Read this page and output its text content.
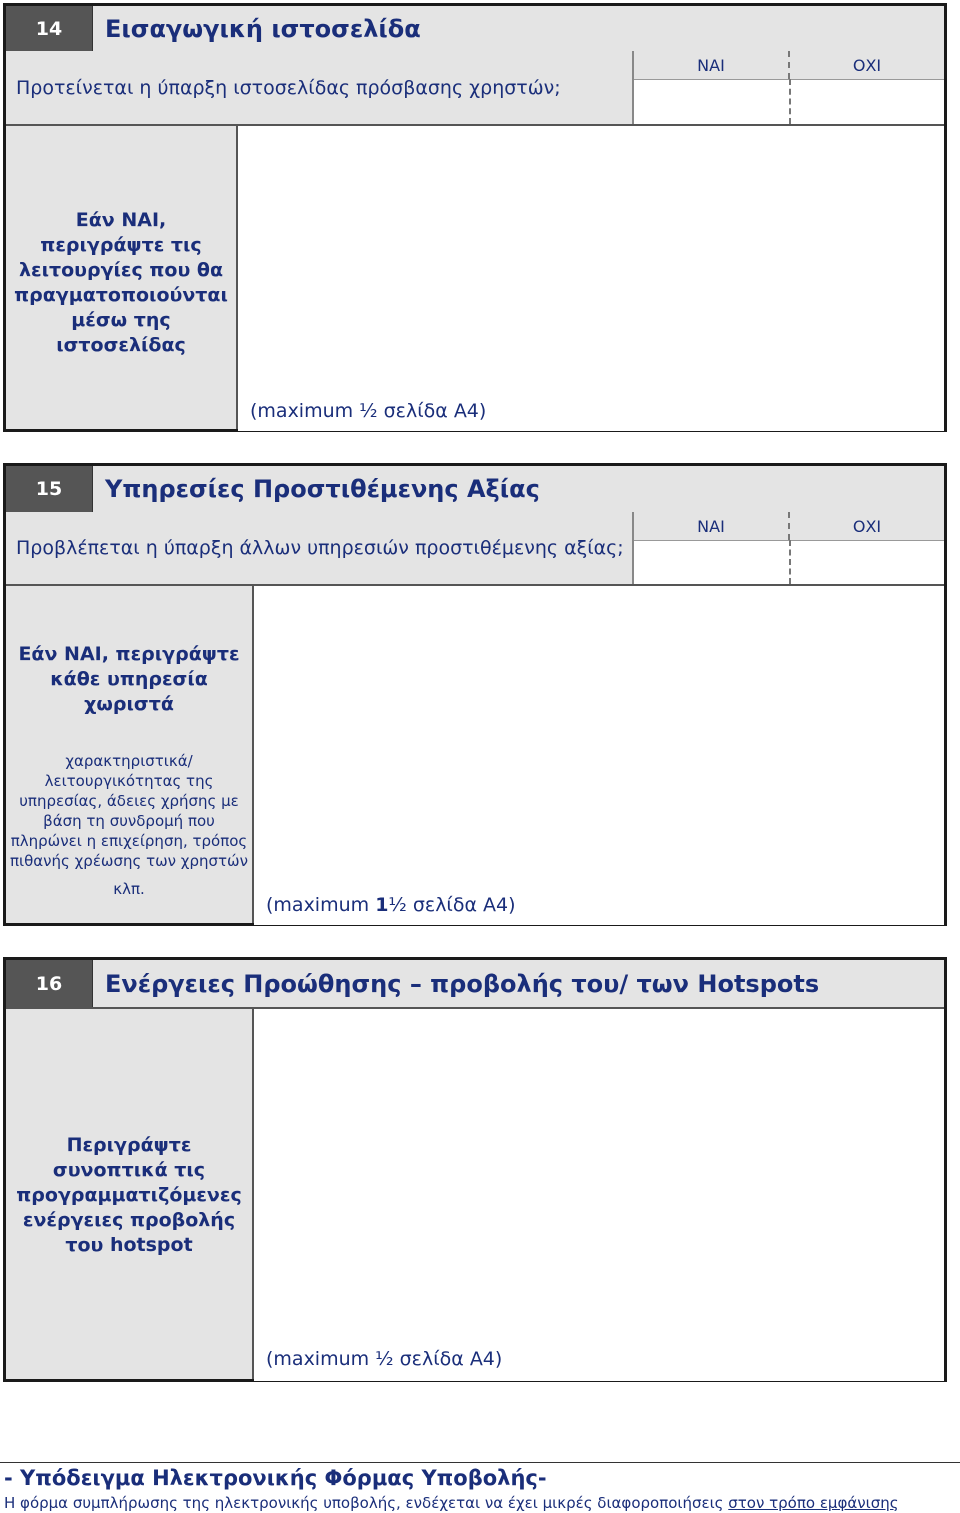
14	Εισαγωγική ιστοσελίδα
Προτείνεται η ύπαρξη ιστοσελίδας πρόσβασης χρηστών;
ΝΑΙ	ΟΧΙ
Εάν ΝΑΙ,
περιγράψτε τις
λειτουργίες που θα
πραγματοποιούνται
μέσω της
ιστοσελίδας
(maximum ½ σελίδα Α4)
15	Υπηρεσίες Προστιθέμενης Αξίας
Προβλέπεται η ύπαρξη άλλων υπηρεσιών προστιθέμενης αξίας;
ΝΑΙ	ΟΧΙ
Εάν ΝΑΙ, περιγράψτε
κάθε υπηρεσία
χωριστά
χαρακτηριστικά/
λειτουργικότητας της
υπηρεσίας, άδειες χρήσης με
βάση τη συνδρομή που
πληρώνει η επιχείρηση, τρόπος
πιθανής χρέωσης των χρηστών
κλπ.
(maximum 1½ σελίδα Α4)
16	Ενέργειες Προώθησης – προβολής του/ των Hotspots
Περιγράψτε
συνοπτικά τις
προγραμματιζόμενες
ενέργειες προβολής
του hotspot
(maximum ½ σελίδα Α4)
- Υπόδειγμα Ηλεκτρονικής Φόρμας Υποβολής-
Η φόρμα συμπλήρωσης της ηλεκτρονικής υποβολής, ενδέχεται να έχει μικρές διαφοροποιήσεις στον τρόπο εμφάνισης
